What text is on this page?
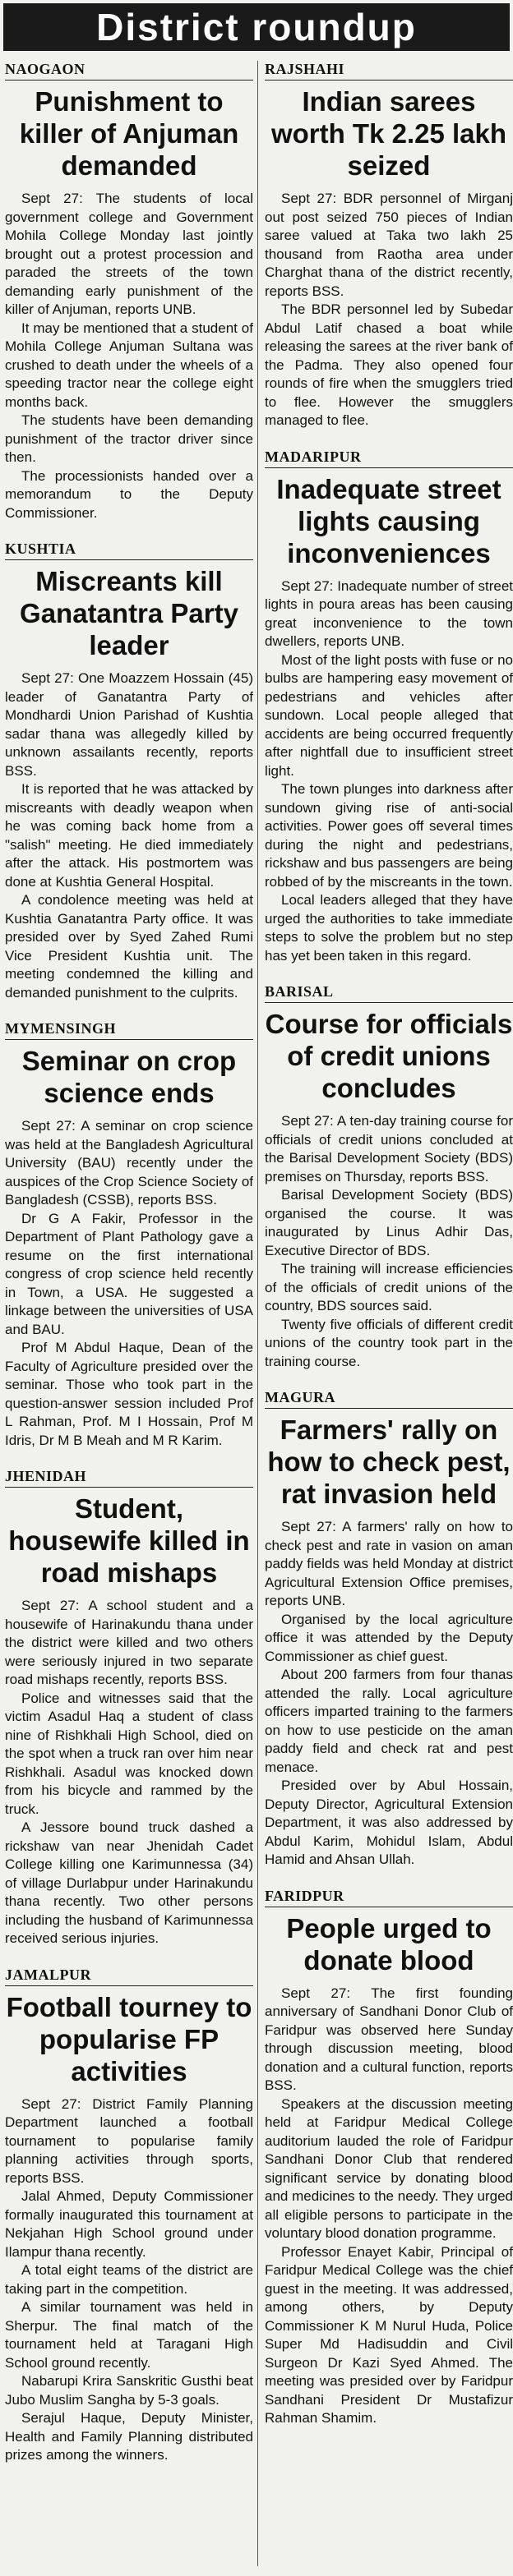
District roundup
NAOGAON
Punishment to killer of Anjuman demanded

Sept 27: The students of local government college and Government Mohila College Monday last jointly brought out a protest procession and paraded the streets of the town demanding early punishment of the killer of Anjuman, reports UNB.

It may be mentioned that a student of Mohila College Anjuman Sultana was crushed to death under the wheels of a speeding tractor near the college eight months back.

The students have been demanding punishment of the tractor driver since then.

The processionists handed over a memorandum to the Deputy Commissioner.

KUSHTIA
Miscreants kill Ganatantra Party leader

Sept 27: One Moazzem Hossain (45) leader of Ganatantra Party of Mondhardi Union Parishad of Kushtia sadar thana was allegedly killed by unknown assailants recently, reports BSS.

It is reported that he was attacked by miscreants with deadly weapon when he was coming back home from a "salish" meeting. He died immediately after the attack. His postmortem was done at Kushtia General Hospital.

A condolence meeting was held at Kushtia Ganatantra Party office. It was presided over by Syed Zahed Rumi Vice President Kushtia unit. The meeting condemned the killing and demanded punishment to the culprits.

MYMENSINGH
Seminar on crop science ends

Sept 27: A seminar on crop science was held at the Bangladesh Agricultural University (BAU) recently under the auspices of the Crop Science Society of Bangladesh (CSSB), reports BSS.

Dr G A Fakir, Professor in the Department of Plant Pathology gave a resume on the first international congress of crop science held recently in Town, a USA. He suggested a linkage between the universities of USA and BAU.

Prof M Abdul Haque, Dean of the Faculty of Agriculture presided over the seminar. Those who took part in the question-answer session included Prof L Rahman, Prof. M I Hossain, Prof M Idris, Dr M B Meah and M R Karim.

JHENIDAH
Student, housewife killed in road mishaps

Sept 27: A school student and a housewife of Harinakundu thana under the district were killed and two others were seriously injured in two separate road mishaps recently, reports BSS.

Police and witnesses said that the victim Asadul Haq a student of class nine of Rishkhali High School, died on the spot when a truck ran over him near Rishkhali. Asadul was knocked down from his bicycle and rammed by the truck.

A Jessore bound truck dashed a rickshaw van near Jhenidah Cadet College killing one Karimunnessa (34) of village Durlabpur under Harinakundu thana recently. Two other persons including the husband of Karimunnessa received serious injuries.

JAMALPUR
Football tourney to popularise FP activities

Sept 27: District Family Planning Department launched a football tournament to popularise family planning activities through sports, reports BSS.

Jalal Ahmed, Deputy Commissioner formally inaugurated this tournament at Nekjahan High School ground under Ilampur thana recently.

A total eight teams of the district are taking part in the competition.

A similar tournament was held in Sherpur. The final match of the tournament held at Taragani High School ground recently.

Nabarupi Krira Sanskritic Gusthi beat Jubo Muslim Sangha by 5-3 goals.

Serajul Haque, Deputy Minister, Health and Family Planning distributed prizes among the winners.

RAJSHAHI
Indian sarees worth Tk 2.25 lakh seized

Sept 27: BDR personnel of Mirganj out post seized 750 pieces of Indian saree valued at Taka two lakh 25 thousand from Raotha area under Charghat thana of the district recently, reports BSS.

The BDR personnel led by Subedar Abdul Latif chased a boat while releasing the sarees at the river bank of the Padma. They also opened four rounds of fire when the smugglers tried to flee. However the smugglers managed to flee.

MADARIPUR
Inadequate street lights causing inconveniences

Sept 27: Inadequate number of street lights in poura areas has been causing great inconvenience to the town dwellers, reports UNB.

Most of the light posts with fuse or no bulbs are hampering easy movement of pedestrians and vehicles after sundown. Local people alleged that accidents are being occurred frequently after nightfall due to insufficient street light.

The town plunges into darkness after sundown giving rise of anti-social activities. Power goes off several times during the night and pedestrians, rickshaw and bus passengers are being robbed of by the miscreants in the town.

Local leaders alleged that they have urged the authorities to take immediate steps to solve the problem but no step has yet been taken in this regard.

BARISAL
Course for officials of credit unions concludes

Sept 27: A ten-day training course for officials of credit unions concluded at the Barisal Development Society (BDS) premises on Thursday, reports BSS.

Barisal Development Society (BDS) organised the course. It was inaugurated by Linus Adhir Das, Executive Director of BDS.

The training will increase efficiencies of the officials of credit unions of the country, BDS sources said.

Twenty five officials of different credit unions of the country took part in the training course.

MAGURA
Farmers' rally on how to check pest, rat invasion held

Sept 27: A farmers' rally on how to check pest and rate in vasion on aman paddy fields was held Monday at district Agricultural Extension Office premises, reports UNB.

Organised by the local agriculture office it was attended by the Deputy Commissioner as chief guest.

About 200 farmers from four thanas attended the rally. Local agriculture officers imparted training to the farmers on how to use pesticide on the aman paddy field and check rat and pest menace.

Presided over by Abul Hossain, Deputy Director, Agricultural Extension Department, it was also addressed by Abdul Karim, Mohidul Islam, Abdul Hamid and Ahsan Ullah.

FARIDPUR
People urged to donate blood

Sept 27: The first founding anniversary of Sandhani Donor Club of Faridpur was observed here Sunday through discussion meeting, blood donation and a cultural function, reports BSS.

Speakers at the discussion meeting held at Faridpur Medical College auditorium lauded the role of Faridpur Sandhani Donor Club that rendered significant service by donating blood and medicines to the needy. They urged all eligible persons to participate in the voluntary blood donation programme.

Professor Enayet Kabir, Principal of Faridpur Medical College was the chief guest in the meeting. It was addressed, among others, by Deputy Commissioner K M Nurul Huda, Police Super Md Hadisuddin and Civil Surgeon Dr Kazi Syed Ahmed. The meeting was presided over by Faridpur Sandhani President Dr Mustafizur Rahman Shamim.
